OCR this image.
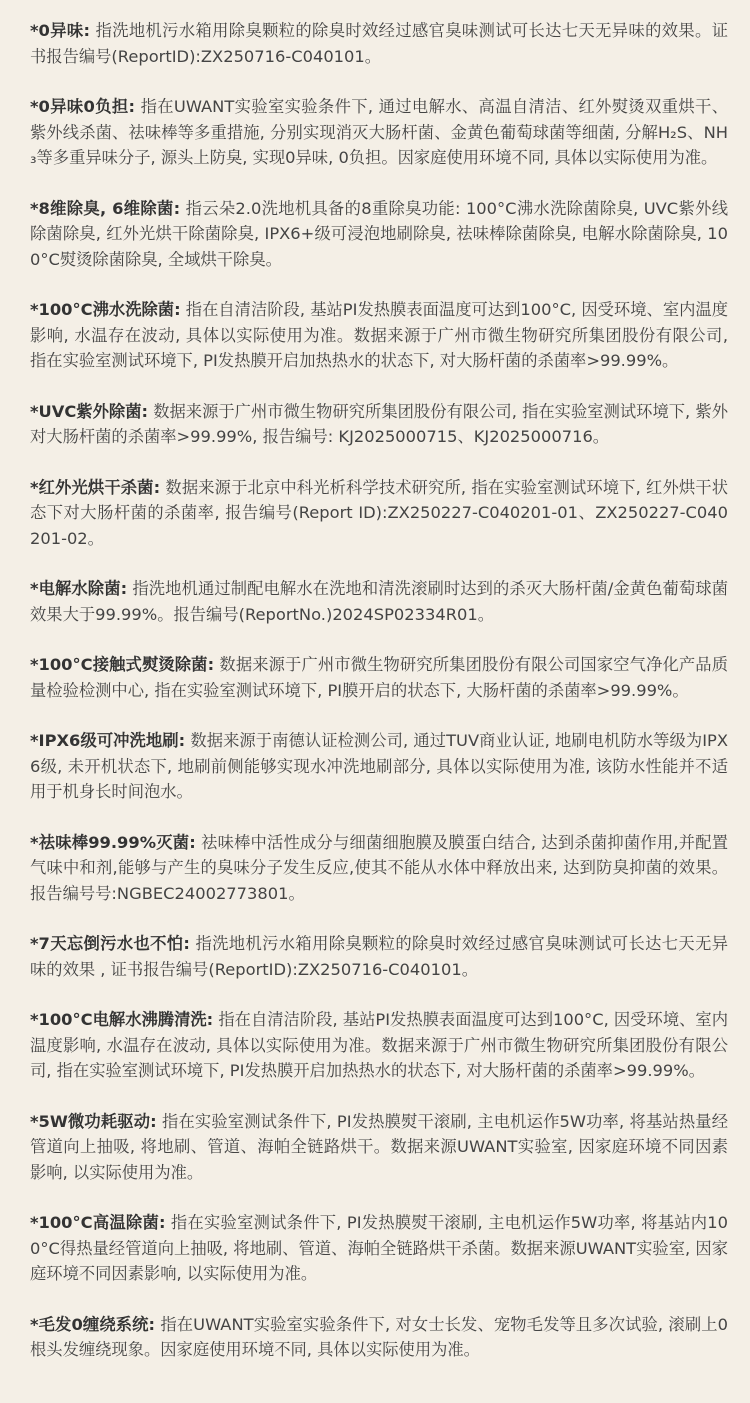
*0异味: 指洗地机污水箱用除臭颗粒的除臭时效经过感官臭味测试可长达七天无异味的效果。证书报告编号(ReportID):ZX250716-C040101。

*0异味0负担: 指在UWANT实验室实验条件下, 通过电解水、高温自清洁、红外熨烫双重烘干、紫外线杀菌、祛味棒等多重措施, 分别实现消灭大肠杆菌、金黄色葡萄球菌等细菌, 分解H₂S、NH₃等多重异味分子, 源头上防臭, 实现0异味, 0负担。因家庭使用环境不同, 具体以实际使用为准。

*8维除臭, 6维除菌: 指云朵2.0洗地机具备的8重除臭功能: 100°C沸水洗除菌除臭, UVC紫外线除菌除臭, 红外光烘干除菌除臭, IPX6+级可浸泡地刷除臭, 祛味棒除菌除臭, 电解水除菌除臭, 100°C熨烫除菌除臭, 全域烘干除臭。

*100°C沸水洗除菌: 指在自清洁阶段, 基站PI发热膜表面温度可达到100°C, 因受环境、室内温度影响, 水温存在波动, 具体以实际使用为准。数据来源于广州市微生物研究所集团股份有限公司, 指在实验室测试环境下, PI发热膜开启加热热水的状态下, 对大肠杆菌的杀菌率>99.99%。

*UVC紫外除菌: 数据来源于广州市微生物研究所集团股份有限公司, 指在实验室测试环境下, 紫外对大肠杆菌的杀菌率>99.99%, 报告编号: KJ2025000715、KJ2025000716。

*红外光烘干杀菌: 数据来源于北京中科光析科学技术研究所, 指在实验室测试环境下, 红外烘干状态下对大肠杆菌的杀菌率, 报告编号(Report ID):ZX250227-C040201-01、ZX250227-C040201-02。

*电解水除菌: 指洗地机通过制配电解水在洗地和清洗滚刷时达到的杀灭大肠杆菌/金黄色葡萄球菌效果大于99.99%。报告编号(ReportNo.)2024SP02334R01。

*100°C接触式熨烫除菌: 数据来源于广州市微生物研究所集团股份有限公司国家空气净化产品质量检验检测中心, 指在实验室测试环境下, PI膜开启的状态下, 大肠杆菌的杀菌率>99.99%。

*IPX6级可冲洗地刷: 数据来源于南德认证检测公司, 通过TUV商业认证, 地刷电机防水等级为IPX6级, 未开机状态下, 地刷前侧能够实现水冲洗地刷部分, 具体以实际使用为准, 该防水性能并不适用于机身长时间泡水。

*祛味棒99.99%灭菌: 祛味棒中活性成分与细菌细胞膜及膜蛋白结合, 达到杀菌抑菌作用,并配置气味中和剂,能够与产生的臭味分子发生反应,使其不能从水体中释放出来, 达到防臭抑菌的效果。报告编号号:NGBEC24002773801。

*7天忘倒污水也不怕: 指洗地机污水箱用除臭颗粒的除臭时效经过感官臭味测试可长达七天无异味的效果 , 证书报告编号(ReportID):ZX250716-C040101。

*100°C电解水沸腾清洗: 指在自清洁阶段, 基站PI发热膜表面温度可达到100°C, 因受环境、室内温度影响, 水温存在波动, 具体以实际使用为准。数据来源于广州市微生物研究所集团股份有限公司, 指在实验室测试环境下, PI发热膜开启加热热水的状态下, 对大肠杆菌的杀菌率>99.99%。

*5W微功耗驱动: 指在实验室测试条件下, PI发热膜熨干滚刷, 主电机运作5W功率, 将基站热量经管道向上抽吸, 将地刷、管道、海帕全链路烘干。数据来源UWANT实验室, 因家庭环境不同因素影响, 以实际使用为准。

*100°C高温除菌: 指在实验室测试条件下, PI发热膜熨干滚刷, 主电机运作5W功率, 将基站内100°C得热量经管道向上抽吸, 将地刷、管道、海帕全链路烘干杀菌。数据来源UWANT实验室, 因家庭环境不同因素影响, 以实际使用为准。

*毛发0缠绕系统: 指在UWANT实验室实验条件下, 对女士长发、宠物毛发等且多次试验, 滚刷上0根头发缠绕现象。因家庭使用环境不同, 具体以实际使用为准。
